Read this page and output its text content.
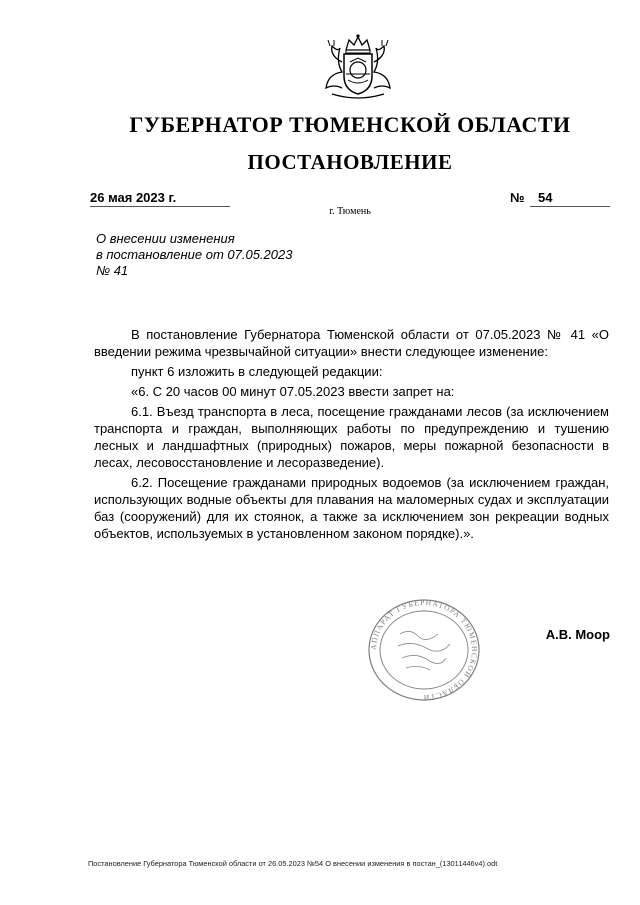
ГУБЕРНАТОР ТЮМЕНСКОЙ ОБЛАСТИ
ПОСТАНОВЛЕНИЕ
26 мая 2023 г.	№ 54
г. Тюмень
О внесении изменения
в постановление от 07.05.2023
№ 41

В постановление Губернатора Тюменской области от 07.05.2023 № 41 «О введении режима чрезвычайной ситуации» внести следующее изменение:

пункт 6 изложить в следующей редакции:

«6. С 20 часов 00 минут 07.05.2023 ввести запрет на:

6.1. Въезд транспорта в леса, посещение гражданами лесов (за исключением транспорта и граждан, выполняющих работы по предупреждению и тушению лесных и ландшафтных (природных) пожаров, меры пожарной безопасности в лесах, лесовосстановление и лесоразведение).

6.2. Посещение гражданами природных водоемов (за исключением граждан, использующих водные объекты для плавания на маломерных судах и эксплуатации баз (сооружений) для их стоянок, а также за исключением зон рекреации водных объектов, используемых в установленном законом порядке).».

АППАРАТ ГУБЕРНАТОРА ТЮМЕНСКОЙ ОБЛАСТИ
А.В. Моор
Постановление Губернатора Тюменской области от 26.05.2023 №54 О внесении изменения в постан_(13011446v4).odt
